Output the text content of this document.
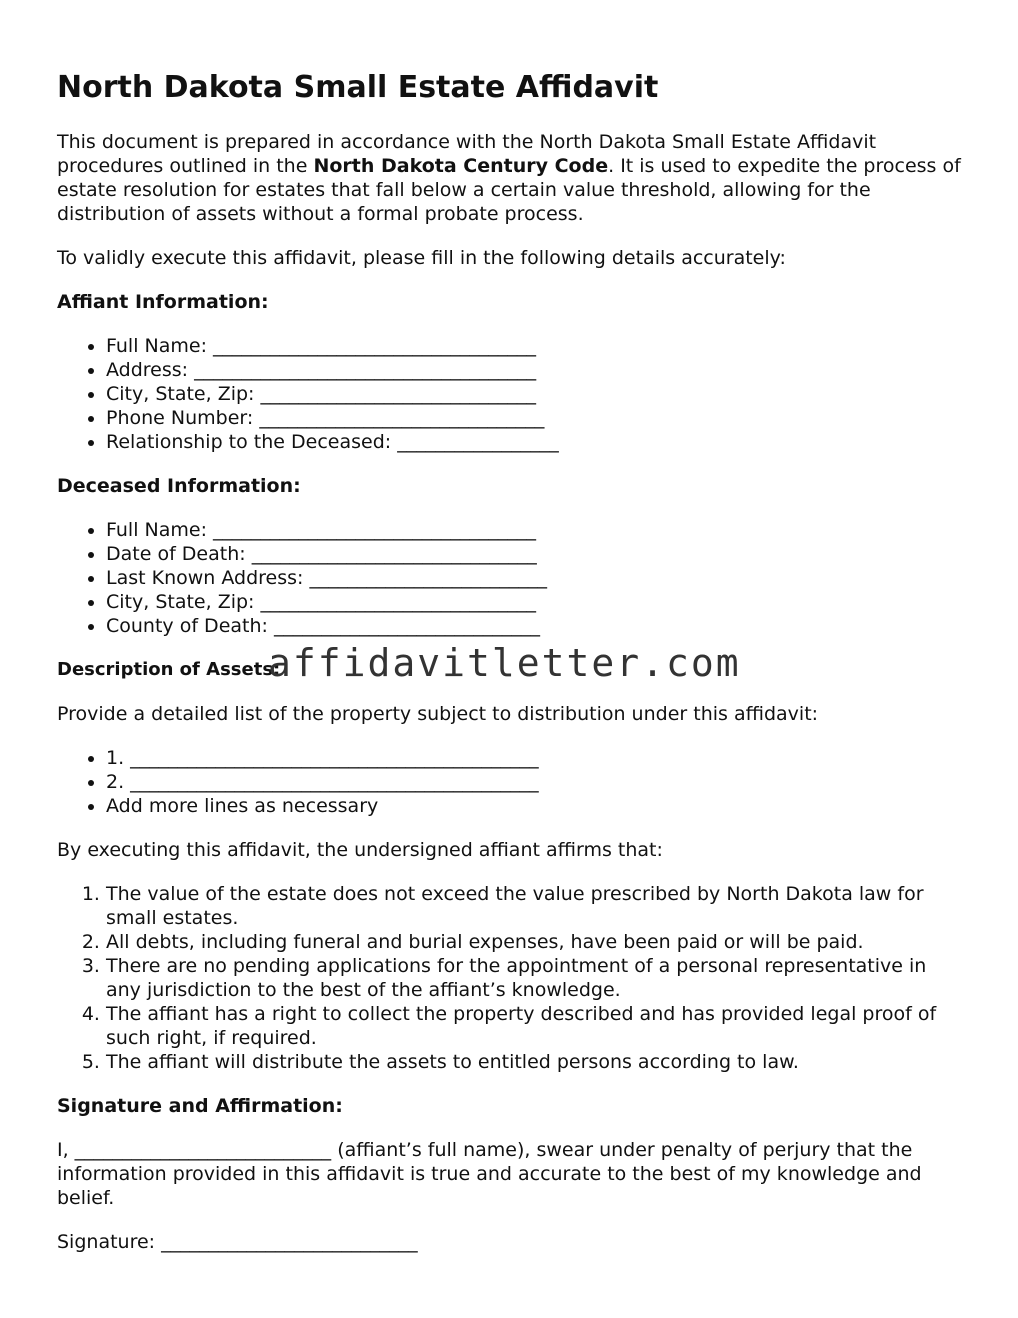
North Dakota Small Estate Affidavit

This document is prepared in accordance with the North Dakota Small Estate Affidavit procedures outlined in the North Dakota Century Code. It is used to expedite the process of estate resolution for estates that fall below a certain value threshold, allowing for the distribution of assets without a formal probate process.

To validly execute this affidavit, please fill in the following details accurately:

Affiant Information:
• Full Name: __________________________________
• Address: ____________________________________
• City, State, Zip: _____________________________
• Phone Number: ______________________________
• Relationship to the Deceased: _________________
Deceased Information:
• Full Name: __________________________________
• Date of Death: ______________________________
• Last Known Address: _________________________
• City, State, Zip: _____________________________
• County of Death: ____________________________
Description of Assets:

Provide a detailed list of the property subject to distribution under this affidavit:

• 1. ___________________________________________
• 2. ___________________________________________
• Add more lines as necessary

By executing this affidavit, the undersigned affiant affirms that:

1. The value of the estate does not exceed the value prescribed by North Dakota law for small estates.
2. All debts, including funeral and burial expenses, have been paid or will be paid.
3. There are no pending applications for the appointment of a personal representative in any jurisdiction to the best of the affiant’s knowledge.
4. The affiant has a right to collect the property described and has provided legal proof of such right, if required.
5. The affiant will distribute the assets to entitled persons according to law.
Signature and Affirmation:

I, ___________________________ (affiant’s full name), swear under penalty of perjury that the information provided in this affidavit is true and accurate to the best of my knowledge and belief.

Signature: ___________________________

affidavitletter.com
